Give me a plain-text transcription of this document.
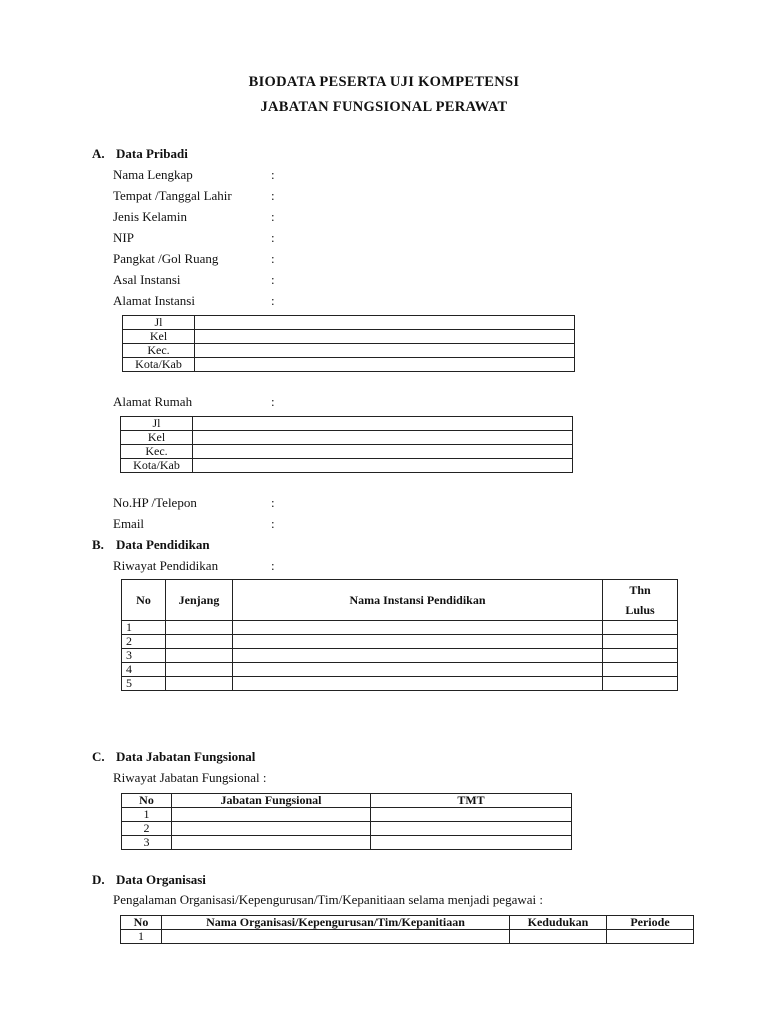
BIODATA PESERTA UJI KOMPETENSI
JABATAN FUNGSIONAL PERAWAT
A. Data Pribadi
Nama Lengkap	:
Tempat /Tanggal Lahir	:
Jenis Kelamin	:
NIP	:
Pangkat /Gol Ruang	:
Asal Instansi	:
Alamat Instansi	:
Jl	
Kel	
Kec.	
Kota/Kab	
Alamat Rumah	:
Jl	
Kel	
Kec.	
Kota/Kab	
No.HP /Telepon	:
Email	:
B. Data Pendidikan
Riwayat Pendidikan	:
No	Jenjang	Nama Instansi Pendidikan	Thn
Lulus
1			
2			
3			
4			
5			
C. Data Jabatan Fungsional
Riwayat Jabatan Fungsional :
No	Jabatan Fungsional	TMT
1		
2		
3		
D. Data Organisasi
Pengalaman Organisasi/Kepengurusan/Tim/Kepanitiaan selama menjadi pegawai :
No	Nama Organisasi/Kepengurusan/Tim/Kepanitiaan	Kedudukan	Periode
1			
